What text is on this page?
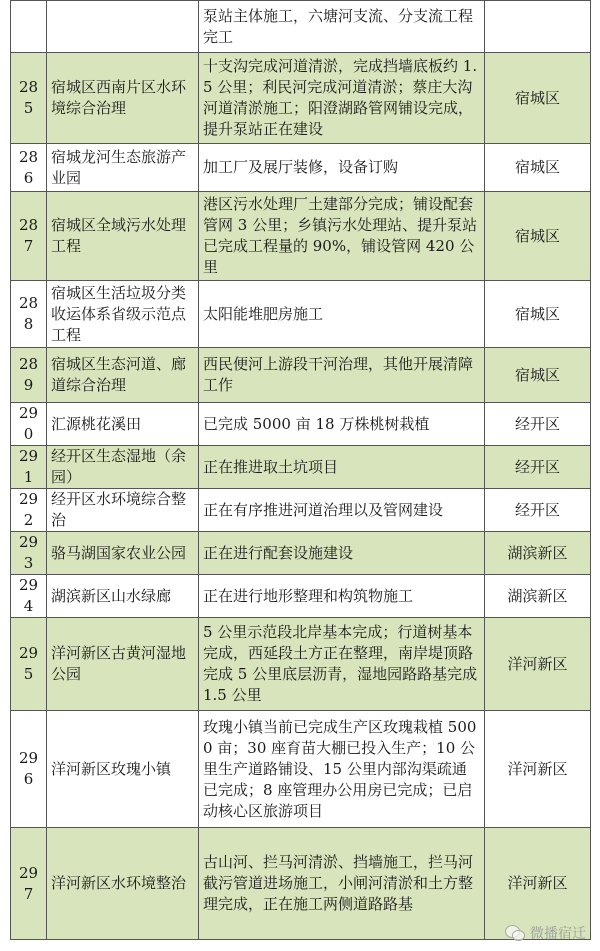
		泵站主体施工，六塘河支流、分支流工程完工	
285	宿城区西南片区水环境综合治理	十支沟完成河道清淤，完成挡墙底板约 1.5 公里；利民河完成河道清淤；蔡庄大沟河道清淤施工；阳澄湖路管网铺设完成，提升泵站正在建设	宿城区
286	宿城龙河生态旅游产业园	加工厂及展厅装修，设备订购	宿城区
287	宿城区全域污水处理工程	港区污水处理厂土建部分完成；铺设配套管网 3 公里；乡镇污水处理站、提升泵站已完成工程量的 90%，铺设管网 420 公里	宿城区
288	宿城区生活垃圾分类收运体系省级示范点工程	太阳能堆肥房施工	宿城区
289	宿城区生态河道、廊道综合治理	西民便河上游段干河治理，其他开展清障工作	宿城区
290	汇源桃花溪田	已完成 5000 亩 18 万株桃树栽植	经开区
291	经开区生态湿地（余园）	正在推进取土坑项目	经开区
292	经开区水环境综合整治	正在有序推进河道治理以及管网建设	经开区
293	骆马湖国家农业公园	正在进行配套设施建设	湖滨新区
294	湖滨新区山水绿廊	正在进行地形整理和构筑物施工	湖滨新区
295	洋河新区古黄河湿地公园	5 公里示范段北岸基本完成；行道树基本完成，西延段土方正在整理，南岸堤顶路完成 5 公里底层沥青，湿地园路路基完成 1.5 公里	洋河新区
296	洋河新区玫瑰小镇	玫瑰小镇当前已完成生产区玫瑰栽植 5000 亩；30 座育苗大棚已投入生产；10 公里生产道路铺设、15 公里内部沟渠疏通已完成；8 座管理办公用房已完成；已启动核心区旅游项目	洋河新区
297	洋河新区水环境整治	古山河、拦马河清淤、挡墙施工，拦马河截污管道进场施工，小闸河清淤和土方整理完成，正在施工两侧道路路基	洋河新区
微播宿迁
